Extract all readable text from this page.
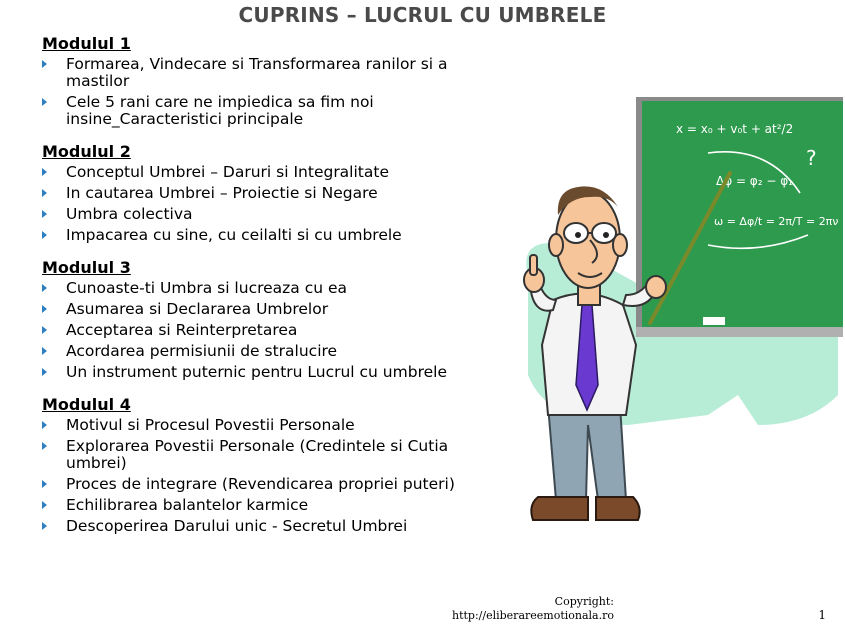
CUPRINS – LUCRUL CU UMBRELE
Modulul 1
Formarea, Vindecare si Transformarea ranilor si a mastilor
Cele 5 rani care ne impiedica sa fim noi insine_Caracteristici principale
Modulul 2
Conceptul Umbrei – Daruri si Integralitate
In cautarea Umbrei – Proiectie si Negare
Umbra colectiva
Impacarea cu sine, cu ceilalti si cu umbrele
Modulul 3
Cunoaste-ti Umbra si lucreaza cu ea
Asumarea si Declararea Umbrelor
Acceptarea si Reinterpretarea
Acordarea permisiunii de stralucire
Un instrument puternic pentru Lucrul cu umbrele
Modulul 4
Motivul si Procesul Povestii Personale
Explorarea Povestii Personale (Credintele si Cutia umbrei)
Proces de integrare (Revendicarea propriei puteri)
Echilibrarea balantelor karmice
Descoperirea Darului unic - Secretul Umbrei
x = x₀ + v₀t + at²/2
Δφ = φ₂ − φ₁
?
ω = Δφ/t = 2π/T = 2πν
Copyright:
http://eliberareemotionala.ro	1
